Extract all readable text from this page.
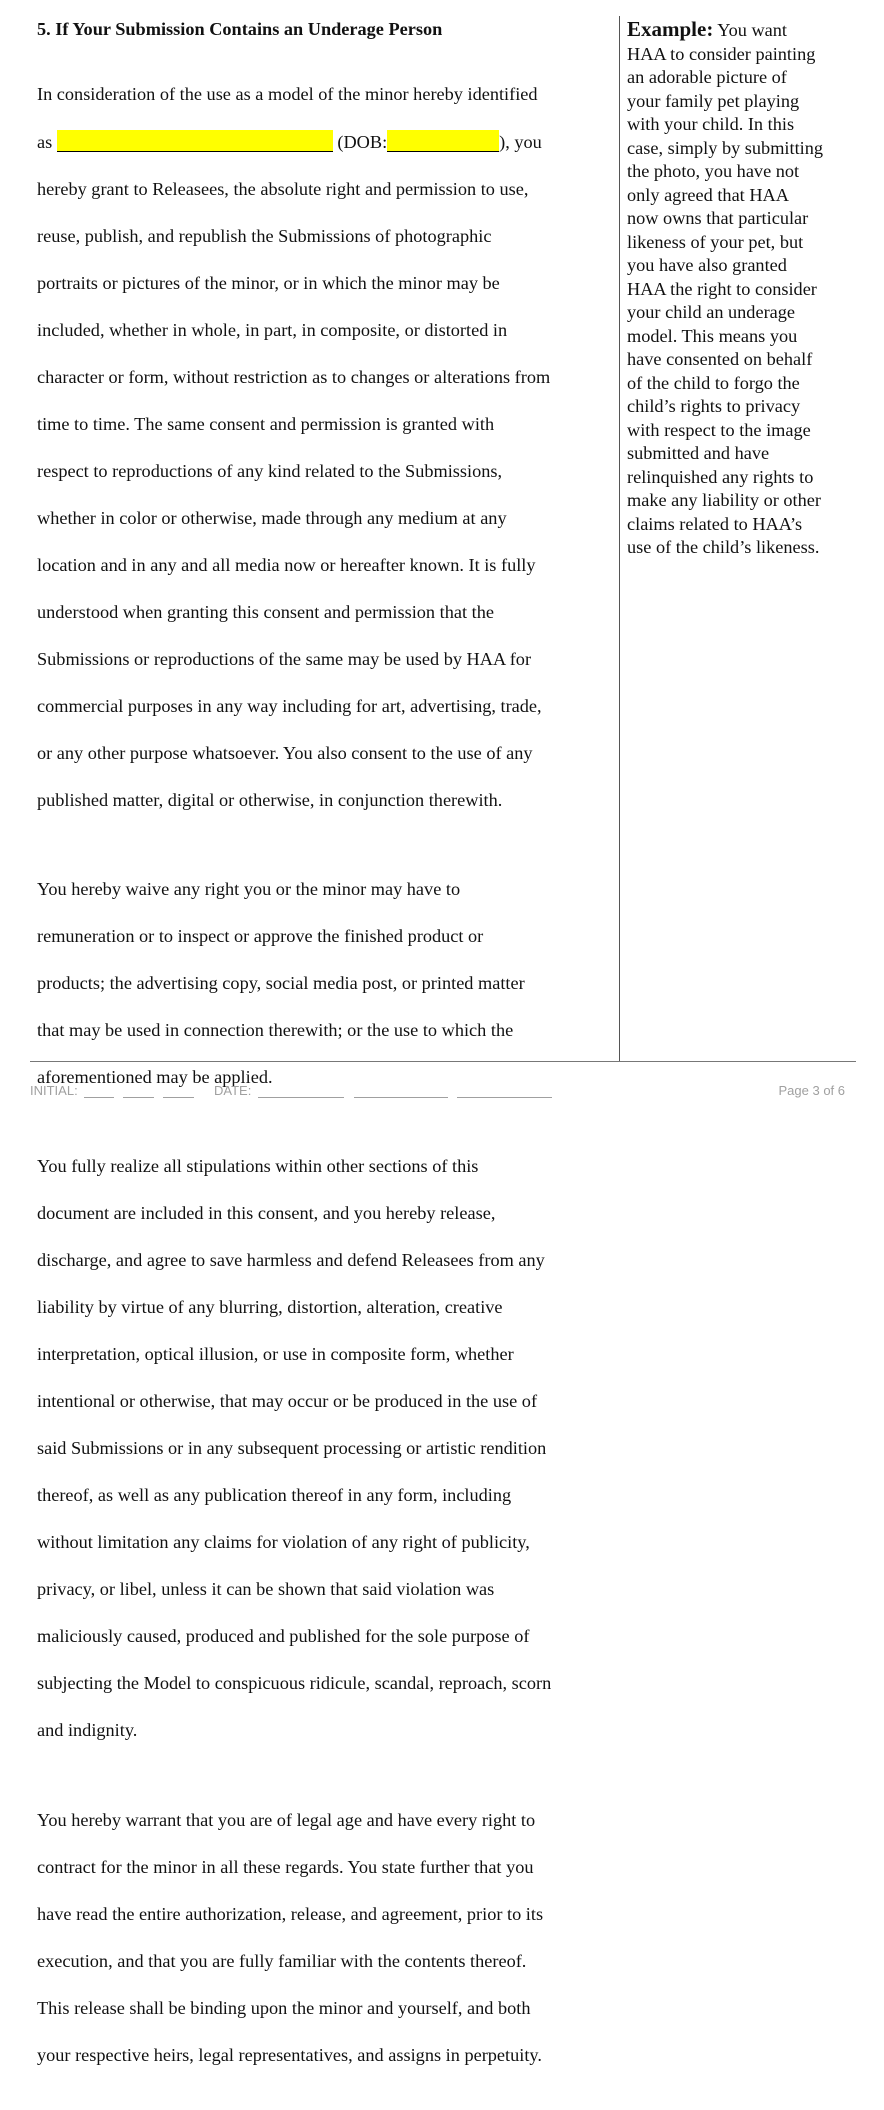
5. If Your Submission Contains an Underage Person

In consideration of the use as a model of the minor hereby identified

as	(DOB:	), you

hereby grant to Releasees, the absolute right and permission to use,

reuse, publish, and republish the Submissions of photographic

portraits or pictures of the minor, or in which the minor may be

included, whether in whole, in part, in composite, or distorted in

character or form, without restriction as to changes or alterations from

time to time. The same consent and permission is granted with

respect to reproductions of any kind related to the Submissions,

whether in color or otherwise, made through any medium at any

location and in any and all media now or hereafter known. It is fully

understood when granting this consent and permission that the

Submissions or reproductions of the same may be used by HAA for

commercial purposes in any way including for art, advertising, trade,

or any other purpose whatsoever. You also consent to the use of any

published matter, digital or otherwise, in conjunction therewith.

You hereby waive any right you or the minor may have to

remuneration or to inspect or approve the finished product or

products; the advertising copy, social media post, or printed matter

that may be used in connection therewith; or the use to which the

aforementioned may be applied.

You fully realize all stipulations within other sections of this

document are included in this consent, and you hereby release,

discharge, and agree to save harmless and defend Releasees from any

liability by virtue of any blurring, distortion, alteration, creative

interpretation, optical illusion, or use in composite form, whether

intentional or otherwise, that may occur or be produced in the use of

said Submissions or in any subsequent processing or artistic rendition

thereof, as well as any publication thereof in any form, including

without limitation any claims for violation of any right of publicity,

privacy, or libel, unless it can be shown that said violation was

maliciously caused, produced and published for the sole purpose of

subjecting the Model to conspicuous ridicule, scandal, reproach, scorn

and indignity.

You hereby warrant that you are of legal age and have every right to

contract for the minor in all these regards. You state further that you

have read the entire authorization, release, and agreement, prior to its

execution, and that you are fully familiar with the contents thereof.

This release shall be binding upon the minor and yourself, and both

your respective heirs, legal representatives, and assigns in perpetuity.

Example: You want
HAA to consider painting
an adorable picture of
your family pet playing
with your child. In this
case, simply by submitting
the photo, you have not
only agreed that HAA
now owns that particular
likeness of your pet, but
you have also granted
HAA the right to consider
your child an underage
model. This means you
have consented on behalf
of the child to forgo the
child’s rights to privacy
with respect to the image
submitted and have
relinquished any rights to
make any liability or other
claims related to HAA’s
use of the child’s likeness.
INITIAL:	DATE:	Page 3 of 6
